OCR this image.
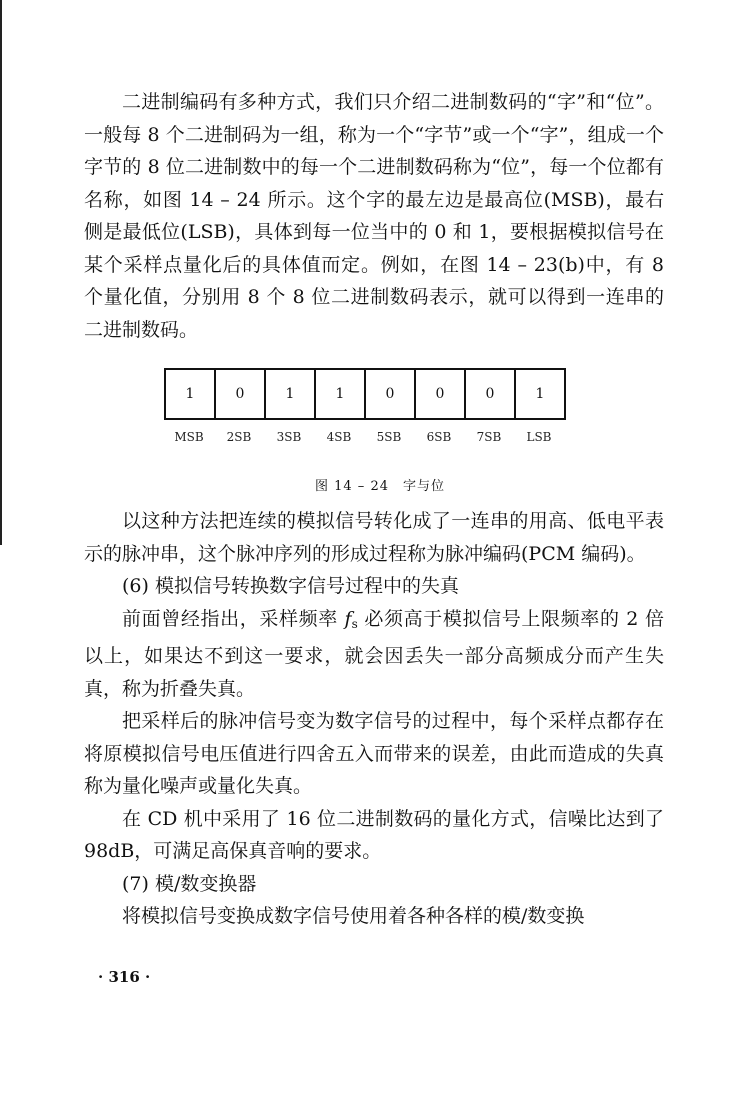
二进制编码有多种方式，我们只介绍二进制数码的“字”和“位”。一般每 8 个二进制码为一组，称为一个“字节”或一个“字”，组成一个字节的 8 位二进制数中的每一个二进制数码称为“位”，每一个位都有名称，如图 14 – 24 所示。这个字的最左边是最高位(MSB)，最右侧是最低位(LSB)，具体到每一位当中的 0 和 1，要根据模拟信号在某个采样点量化后的具体值而定。例如，在图 14 – 23(b)中，有 8 个量化值，分别用 8 个 8 位二进制数码表示，就可以得到一连串的二进制数码。

1	0	1	1	0	0	0	1
MSB	2SB	3SB	4SB	5SB	6SB	7SB	LSB
图 14 – 24　字与位

以这种方法把连续的模拟信号转化成了一连串的用高、低电平表示的脉冲串，这个脉冲序列的形成过程称为脉冲编码(PCM 编码)。

(6) 模拟信号转换数字信号过程中的失真

前面曾经指出，采样频率 $f_s$ 必须高于模拟信号上限频率的 2 倍以上，如果达不到这一要求，就会因丢失一部分高频成分而产生失真，称为折叠失真。

把采样后的脉冲信号变为数字信号的过程中，每个采样点都存在将原模拟信号电压值进行四舍五入而带来的误差，由此而造成的失真称为量化噪声或量化失真。

在 CD 机中采用了 16 位二进制数码的量化方式，信噪比达到了 98dB，可满足高保真音响的要求。

(7) 模/数变换器

将模拟信号变换成数字信号使用着各种各样的模/数变换

· 316 ·
